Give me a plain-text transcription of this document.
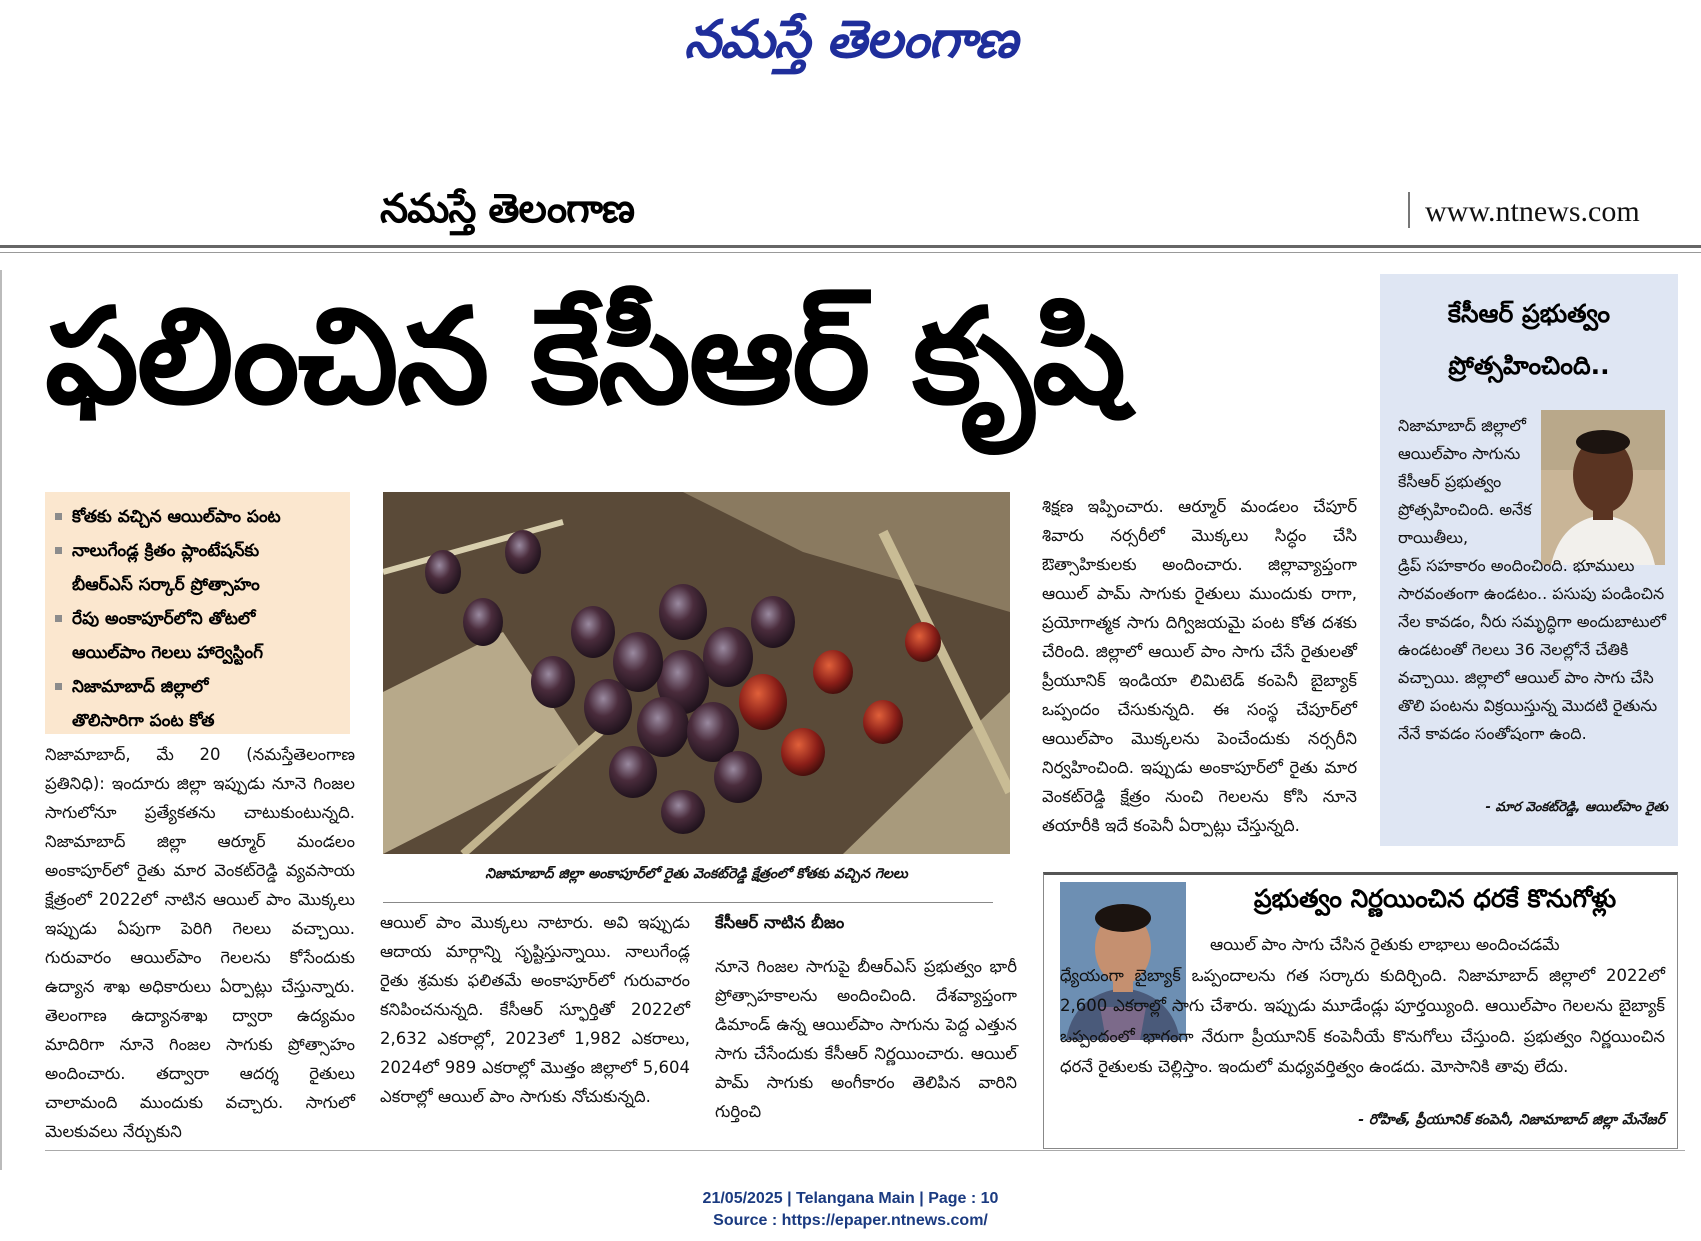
నమస్తే తెలంగాణ
నమస్తే తెలంగాణ	www.ntnews.com
ఫలించిన కేసీఆర్ కృషి
కోతకు వచ్చిన ఆయిల్‌పాం పంట
నాలుగేండ్ల క్రితం ప్లాంటేషన్‌కు
బీఆర్‌ఎస్ సర్కార్ ప్రోత్సాహం
రేపు అంకాపూర్‌లోని తోటలో
ఆయిల్‌పాం గెలలు హార్వెస్టింగ్
నిజామాబాద్ జిల్లాలో
తొలిసారిగా పంట కోత
నిజామాబాద్ జిల్లా అంకాపూర్‌లో రైతు వెంకట్‌రెడ్డి క్షేత్రంలో కోతకు వచ్చిన గెలలు
నిజామాబాద్, మే 20 (నమస్తేతెలంగాణ ప్రతినిధి): ఇందూరు జిల్లా ఇప్పుడు నూనె గింజల సాగులోనూ ప్రత్యేకతను చాటుకుంటున్నది. నిజామాబాద్ జిల్లా ఆర్మూర్ మండలం అంకాపూర్‌లో రైతు మార వెంకట్‌రెడ్డి వ్యవసాయ క్షేత్రంలో 2022లో నాటిన ఆయిల్ పాం మొక్కలు ఇప్పుడు ఏపుగా పెరిగి గెలలు వచ్చాయి. గురువారం ఆయిల్‌పాం గెలలను కోసేందుకు ఉద్యాన శాఖ అధికారులు ఏర్పాట్లు చేస్తున్నారు. తెలంగాణ ఉద్యానశాఖ ద్వారా ఉద్యమం మాదిరిగా నూనె గింజల సాగుకు ప్రోత్సాహం అందించారు. తద్వారా ఆదర్శ రైతులు చాలామంది ముందుకు వచ్చారు. సాగులో మెలకువలు నేర్చుకుని
ఆయిల్ పాం మొక్కలు నాటారు. అవి ఇప్పుడు ఆదాయ మార్గాన్ని సృష్టిస్తున్నాయి. నాలుగేండ్ల రైతు శ్రమకు ఫలితమే అంకాపూర్‌లో గురువారం కనిపించనున్నది. కేసీఆర్ స్ఫూర్తితో 2022లో 2,632 ఎకరాల్లో, 2023లో 1,982 ఎకరాలు, 2024లో 989 ఎకరాల్లో మొత్తం జిల్లాలో 5,604 ఎకరాల్లో ఆయిల్ పాం సాగుకు నోచుకున్నది.
కేసీఆర్ నాటిన బీజం
నూనె గింజల సాగుపై బీఆర్‌ఎస్ ప్రభుత్వం భారీ ప్రోత్సాహకాలను అందించింది. దేశవ్యాప్తంగా డిమాండ్ ఉన్న ఆయిల్‌పాం సాగును పెద్ద ఎత్తున సాగు చేసేందుకు కేసీఆర్ నిర్ణయించారు. ఆయిల్ పామ్ సాగుకు అంగీకారం తెలిపిన వారిని గుర్తించి
శిక్షణ ఇప్పించారు. ఆర్మూర్ మండలం చేపూర్ శివారు నర్సరీలో మొక్కలు సిద్ధం చేసి ఔత్సాహికులకు అందించారు. జిల్లావ్యాప్తంగా ఆయిల్ పామ్ సాగుకు రైతులు ముందుకు రాగా, ప్రయోగాత్మక సాగు దిగ్విజయమై పంట కోత దశకు చేరింది. జిల్లాలో ఆయిల్ పాం సాగు చేసే రైతులతో ప్రీయూనిక్ ఇండియా లిమిటెడ్ కంపెనీ బైబ్యాక్ ఒప్పందం చేసుకున్నది. ఈ సంస్థ చేపూర్‌లో ఆయిల్‌పాం మొక్కలను పెంచేందుకు నర్సరీని నిర్వహించింది. ఇప్పుడు అంకాపూర్‌లో రైతు మార వెంకట్‌రెడ్డి క్షేత్రం నుంచి గెలలను కోసి నూనె తయారీకి ఇదే కంపెనీ ఏర్పాట్లు చేస్తున్నది.
కేసీఆర్ ప్రభుత్వం
ప్రోత్సహించింది..
నిజామాబాద్ జిల్లాలో ఆయిల్‌పాం సాగును కేసీఆర్ ప్రభుత్వం ప్రోత్సహించింది. అనేక రాయితీలు,
డ్రిప్ సహకారం అందించింది. భూములు సారవంతంగా ఉండటం.. పసుపు పండించిన నేల కావడం, నీరు సమృద్ధిగా అందుబాటులో ఉండటంతో గెలలు 36 నెలల్లోనే చేతికి వచ్చాయి. జిల్లాలో ఆయిల్ పాం సాగు చేసి తొలి పంటను విక్రయిస్తున్న మొదటి రైతును నేనే కావడం సంతోషంగా ఉంది.
- మార వెంకట్‌రెడ్డి, ఆయిల్‌పాం రైతు
ప్రభుత్వం నిర్ణయించిన ధరకే కొనుగోళ్లు
ఆయిల్ పాం సాగు చేసిన రైతుకు లాభాలు అందించడమే
ధ్యేయంగా బైబ్యాక్ ఒప్పందాలను గత సర్కారు కుదిర్చింది. నిజామాబాద్ జిల్లాలో 2022లో 2,600 ఎకరాల్లో సాగు చేశారు. ఇప్పుడు మూడేండ్లు పూర్తయ్యింది. ఆయిల్‌పాం గెలలను బైబ్యాక్ ఒప్పందంలో భాగంగా నేరుగా ప్రీయూనిక్ కంపెనీయే కొనుగోలు చేస్తుంది. ప్రభుత్వం నిర్ణయించిన ధరనే రైతులకు చెల్లిస్తాం. ఇందులో మధ్యవర్తిత్వం ఉండదు. మోసానికి తావు లేదు.
- రోహిత్, ప్రీయూనిక్ కంపెనీ, నిజామాబాద్ జిల్లా మేనేజర్
21/05/2025 | Telangana Main | Page : 10
Source : https://epaper.ntnews.com/
